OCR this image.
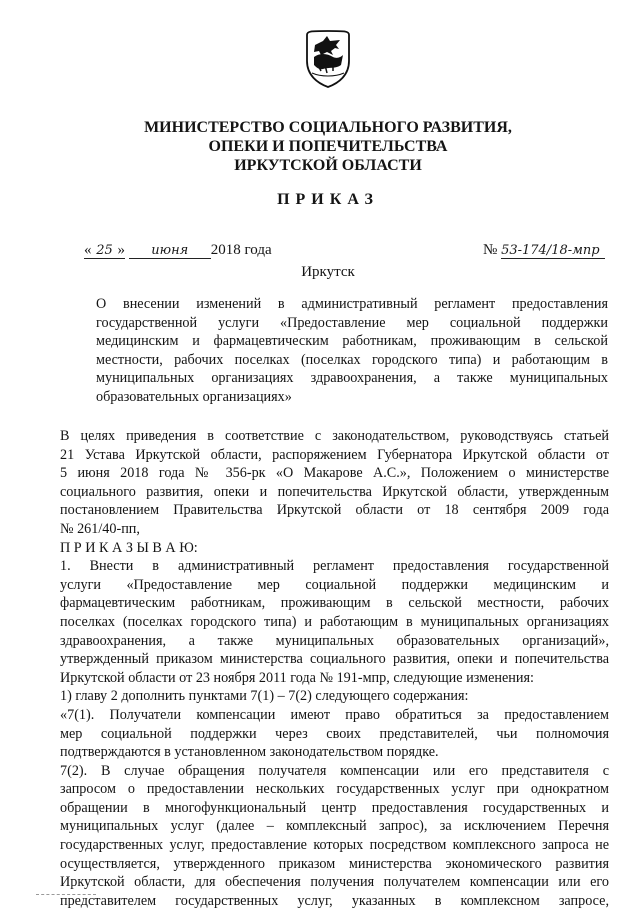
МИНИСТЕРСТВО СОЦИАЛЬНОГО РАЗВИТИЯ,
ОПЕКИ И ПОПЕЧИТЕЛЬСТВА
ИРКУТСКОЙ ОБЛАСТИ
ПРИКАЗ
« 25 » июня 2018 года	№ 53-174/18-мпр
Иркутск
О внесении изменений в административный регламент предоставления
государственной услуги «Предоставление мер социальной поддержки
медицинским и фармацевтическим работникам, проживающим в сельской
местности, рабочих поселках (поселках городского типа) и работающим в
муниципальных организациях здравоохранения, а также муниципальных
образовательных организациях»
В целях приведения в соответствие с законодательством, руководствуясь статьей
21 Устава Иркутской области, распоряжением Губернатора Иркутской области от
5 июня 2018 года № 356-рк «О Макарове А.С.», Положением о министерстве
социального развития, опеки и попечительства Иркутской области, утвержденным
постановлением Правительства Иркутской области от 18 сентября 2009 года
№ 261/40-пп,
П Р И К А З Ы В А Ю:
1. Внести в административный регламент предоставления государственной
услуги «Предоставление мер социальной поддержки медицинским и
фармацевтическим работникам, проживающим в сельской местности, рабочих
поселках (поселках городского типа) и работающим в муниципальных организациях
здравоохранения, а также муниципальных образовательных организаций»,
утвержденный приказом министерства социального развития, опеки и попечительства
Иркутской области от 23 ноября 2011 года № 191-мпр, следующие изменения:
1) главу 2 дополнить пунктами 7(1) – 7(2) следующего содержания:
«7(1). Получатели компенсации имеют право обратиться за предоставлением
мер социальной поддержки через своих представителей, чьи полномочия
подтверждаются в установленном законодательством порядке.
7(2). В случае обращения получателя компенсации или его представителя с
запросом о предоставлении нескольких государственных услуг при однократном
обращении в многофункциональный центр предоставления государственных и
муниципальных услуг (далее – комплексный запрос), за исключением Перечня
государственных услуг, предоставление которых посредством комплексного запроса не
осуществляется, утвержденного приказом министерства экономического развития
Иркутской области, для обеспечения получения получателем компенсации или его
представителем государственных услуг, указанных в комплексном запросе,
